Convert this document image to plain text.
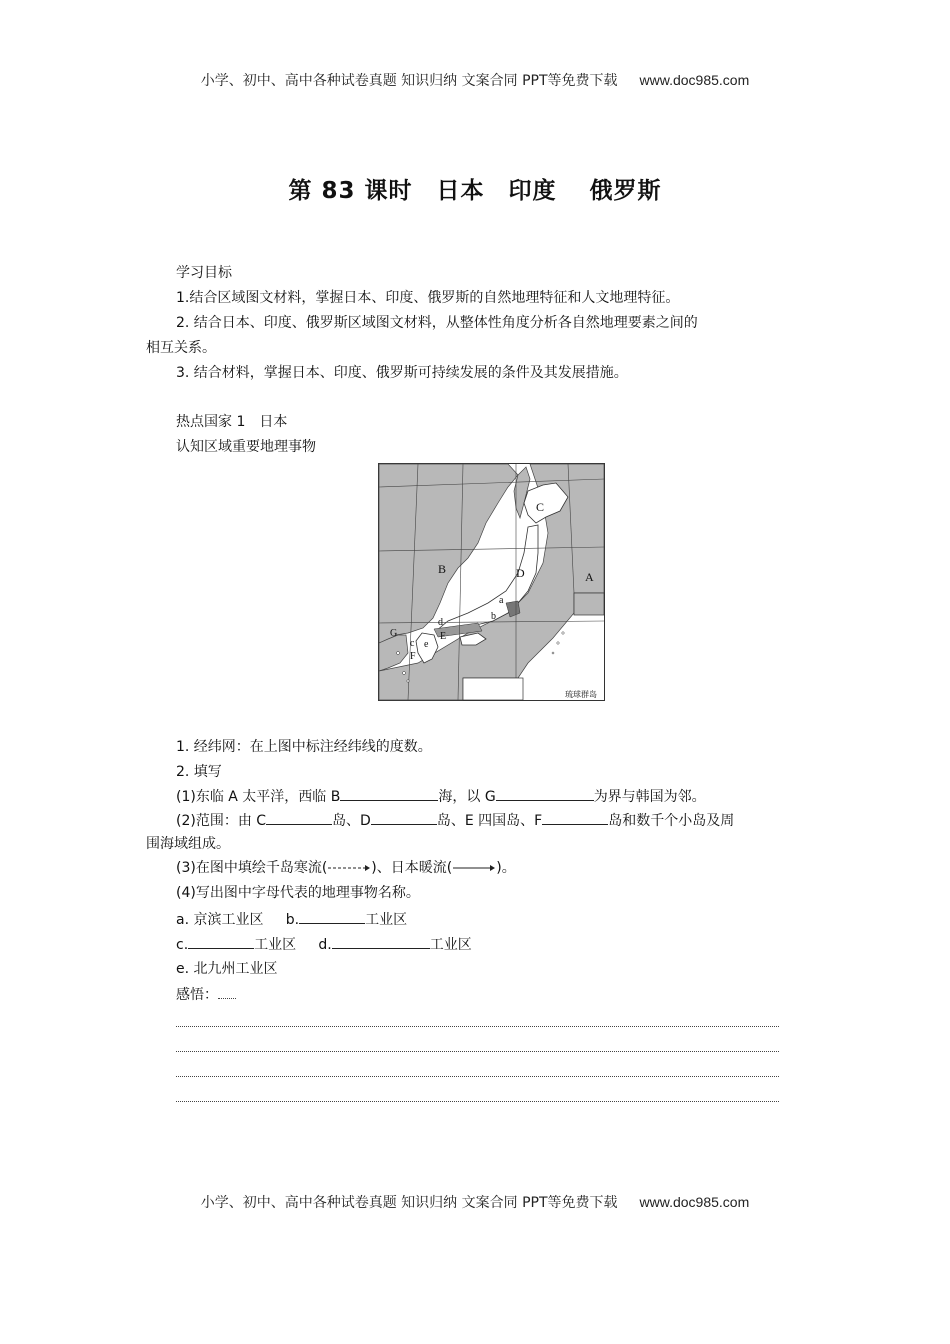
小学、初中、高中各种试卷真题 知识归纳 文案合同 PPT等免费下载 www.doc985.com
第 83 课时　日本　印度　 俄罗斯
学习目标
1.结合区域图文材料，掌握日本、印度、俄罗斯的自然地理特征和人文地理特征。
2. 结合日本、印度、俄罗斯区域图文材料，从整体性角度分析各自然地理要素之间的
相互关系。
3. 结合材料，掌握日本、印度、俄罗斯可持续发展的条件及其发展措施。
热点国家 1　日本
认知区域重要地理事物
C
B	D	A
a
b
d
E
c e
G
F
琉球群岛
1. 经纬网：在上图中标注经纬线的度数。
2. 填写
(1)东临 A 太平洋，西临 B	海，以 G	为界与韩国为邻。
(2)范围：由 C	岛、D	岛、E 四国岛、F	岛和数千个小岛及周
围海域组成。
(3)在图中填绘千岛寒流(	)、日本暖流(	)。
(4)写出图中字母代表的地理事物名称。
a. 京滨工业区 b.	工业区
c.	工业区 d.	工业区
e. 北九州工业区
感悟：
小学、初中、高中各种试卷真题 知识归纳 文案合同 PPT等免费下载 www.doc985.com
